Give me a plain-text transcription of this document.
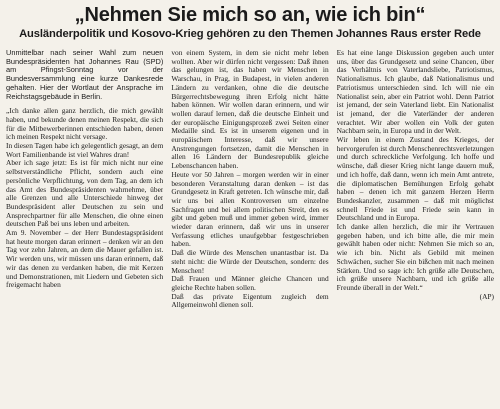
„Nehmen Sie mich so an, wie ich bin“
Ausländerpolitik und Kosovo-Krieg gehören zu den Themen Johannes Raus erster Rede
Unmittelbar nach seiner Wahl zum neuen Bundespräsidenten hat Johannes Rau (SPD) am Pfingst-Sonntag vor der Bundesversammlung eine kurze Dankesrede gehalten. Hier der Wortlaut der Ansprache im Reichstagsgebäude in Berlin.

„Ich danke allen ganz herzlich, die mich gewählt haben, und bekunde denen meinen Respekt, die sich für die Mitbewerberinnen entschieden haben, denen ich meinen Respekt nicht versage.

In diesen Tagen habe ich gelegentlich gesagt, an dem Wort Familienbande ist viel Wahres dran!

Aber ich sage jetzt: Es ist für mich nicht nur eine selbstverständliche Pflicht, sondern auch eine persönliche Verpflichtung, von dem Tag, an dem ich das Amt des Bundespräsidenten wahrnehme, über alle Grenzen und alle Unterschiede hinweg der Bundespräsident aller Deutschen zu sein und Ansprechpartner für alle Menschen, die ohne einen deutschen Paß bei uns leben und arbeiten.

Am 9. November – der Herr Bundestagspräsident hat heute morgen daran erinnert – denken wir an den Tag vor zehn Jahren, an dem die Mauer gefallen ist. Wir werden uns, wir müssen uns daran erinnern, daß wir das denen zu verdanken haben, die mit Kerzen und Demonstrationen, mit Liedern und Gebeten sich freigemacht haben

von einem System, in dem sie nicht mehr leben wollten. Aber wir dürfen nicht vergessen: Daß ihnen das gelungen ist, das haben wir Menschen in Warschau, in Prag, in Budapest, in vielen anderen Ländern zu verdanken, ohne die die deutsche Bürgerrechtsbewegung ihren Erfolg nicht hätte haben können. Wir wollen daran erinnern, und wir wollen darauf lernen, daß die deutsche Einheit und der europäische Einigungsprozeß zwei Seiten einer Medaille sind. Es ist in unserem eigenen und in europäischem Interesse, daß wir unsere Anstrengungen fortsetzen, damit die Menschen in allen 16 Ländern der Bundesrepublik gleiche Lebenschancen haben.

Heute vor 50 Jahren – morgen werden wir in einer besonderen Veranstaltung daran denken – ist das Grundgesetz in Kraft getreten. Ich wünsche mir, daß wir uns bei allen Kontroversen um einzelne Sachfragen und bei allem politischen Streit, den es gibt und geben muß und immer geben wird, immer wieder daran erinnern, daß wir uns in unserer Verfassung etliches unaufgebbar festgeschrieben haben.

Daß die Würde des Menschen unantastbar ist. Da steht nicht: die Würde der Deutschen, sondern: des Menschen!

Daß Frauen und Männer gleiche Chancen und gleiche Rechte haben sollen.

Daß das private Eigentum zugleich dem Allgemeinwohl dienen soll.

Es hat eine lange Diskussion gegeben auch unter uns, über das Grundgesetz und seine Chancen, über das Verhältnis von Vaterlandsliebe, Patriotismus, Nationalismus. Ich glaube, daß Nationalismus und Patriotismus unterschieden sind. Ich will nie ein Nationalist sein, aber ein Patriot wohl. Denn Patriot ist jemand, der sein Vaterland liebt. Ein Nationalist ist jemand, der die Vaterländer der anderen verachtet. Wir aber wollen ein Volk der guten Nachbarn sein, in Europa und in der Welt.

Wir leben in einem Zustand des Krieges, der hervorgerufen ist durch Menschenrechtsverletzungen und durch schreckliche Verfolgung. Ich hoffe und wünsche, daß dieser Krieg nicht lange dauern muß, und ich hoffe, daß dann, wenn ich mein Amt antrete, die diplomatischen Bemühungen Erfolg gehabt haben – denen ich mit ganzem Herzen Herrn Bundeskanzler, zusammen – daß mit möglichst schnell Friede ist und Friede sein kann in Deutschland und in Europa.

Ich danke allen herzlich, die mir ihr Vertrauen gegeben haben, und ich bitte alle, die mir mein gewählt haben oder nicht: Nehmen Sie mich so an, wie ich bin. Nicht als Gebild mit meinen Schwächen, sucher Sie ein bißchen mit nach meinen Stärken. Und so sage ich: Ich grüße alle Deutschen, ich grüße unsere Nachbarn, und ich grüße alle Freunde überall in der Welt.“

(AP)
